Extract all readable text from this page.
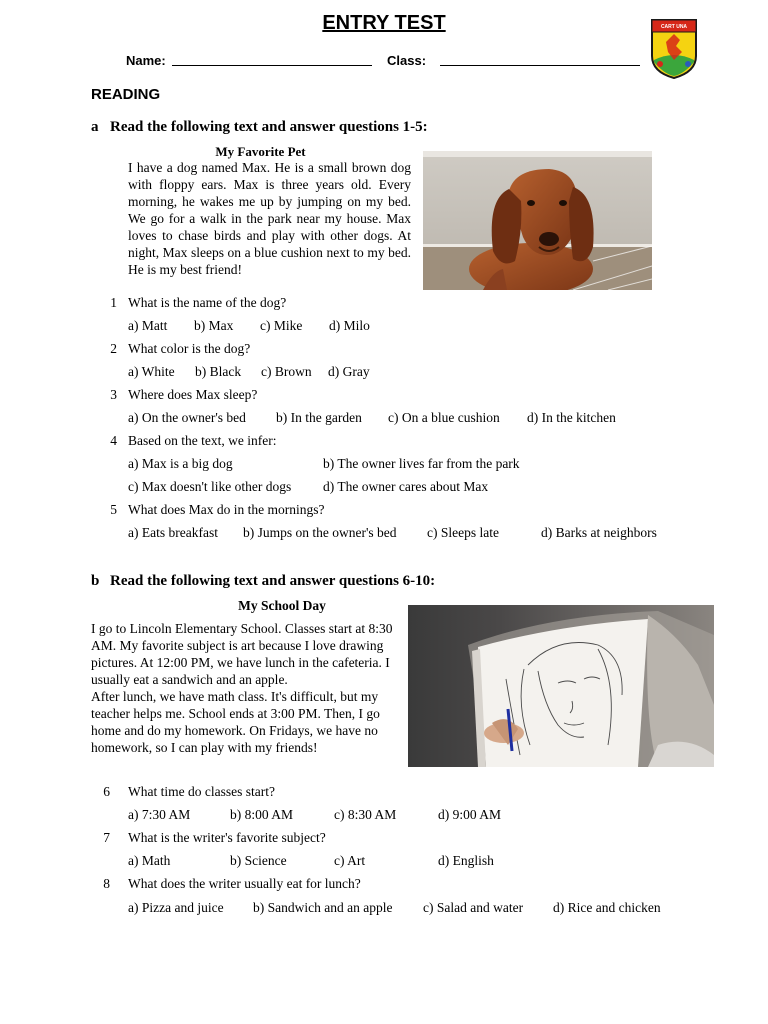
ENTRY TEST
Name:	Class:
CART UNA
READING
a Read the following text and answer questions 1-5:
My Favorite Pet
I have a dog named Max. He is a small brown dog with floppy ears. Max is three years old. Every morning, he wakes me up by jumping on my bed. We go for a walk in the park near my house. Max loves to chase birds and play with other dogs. At night, Max sleeps on a blue cushion next to my bed. He is my best friend!
1 What is the name of the dog?
a) Matt b) Max c) Mike d) Milo
2 What color is the dog?
a) White b) Black c) Brown d) Gray
3 Where does Max sleep?
a) On the owner's bed b) In the garden c) On a blue cushion d) In the kitchen
4 Based on the text, we infer:
a) Max is a big dog	b) The owner lives far from the park
c) Max doesn't like other dogs d) The owner cares about Max
5 What does Max do in the mornings?
a) Eats breakfast b) Jumps on the owner's bed c) Sleeps late	d) Barks at neighbors
b Read the following text and answer questions 6-10:
My School Day
I go to Lincoln Elementary School. Classes start at 8:30 AM. My favorite subject is art because I love drawing pictures. At 12:00 PM, we have lunch in the cafeteria. I usually eat a sandwich and an apple.
After lunch, we have math class. It's difficult, but my teacher helps me. School ends at 3:00 PM. Then, I go home and do my homework. On Fridays, we have no homework, so I can play with my friends!
6 What time do classes start?
a) 7:30 AM	b) 8:00 AM	c) 8:30 AM	d) 9:00 AM
7 What is the writer's favorite subject?
a) Math	b) Science	c) Art	d) English
8 What does the writer usually eat for lunch?
a) Pizza and juice b) Sandwich and an apple c) Salad and water d) Rice and chicken
